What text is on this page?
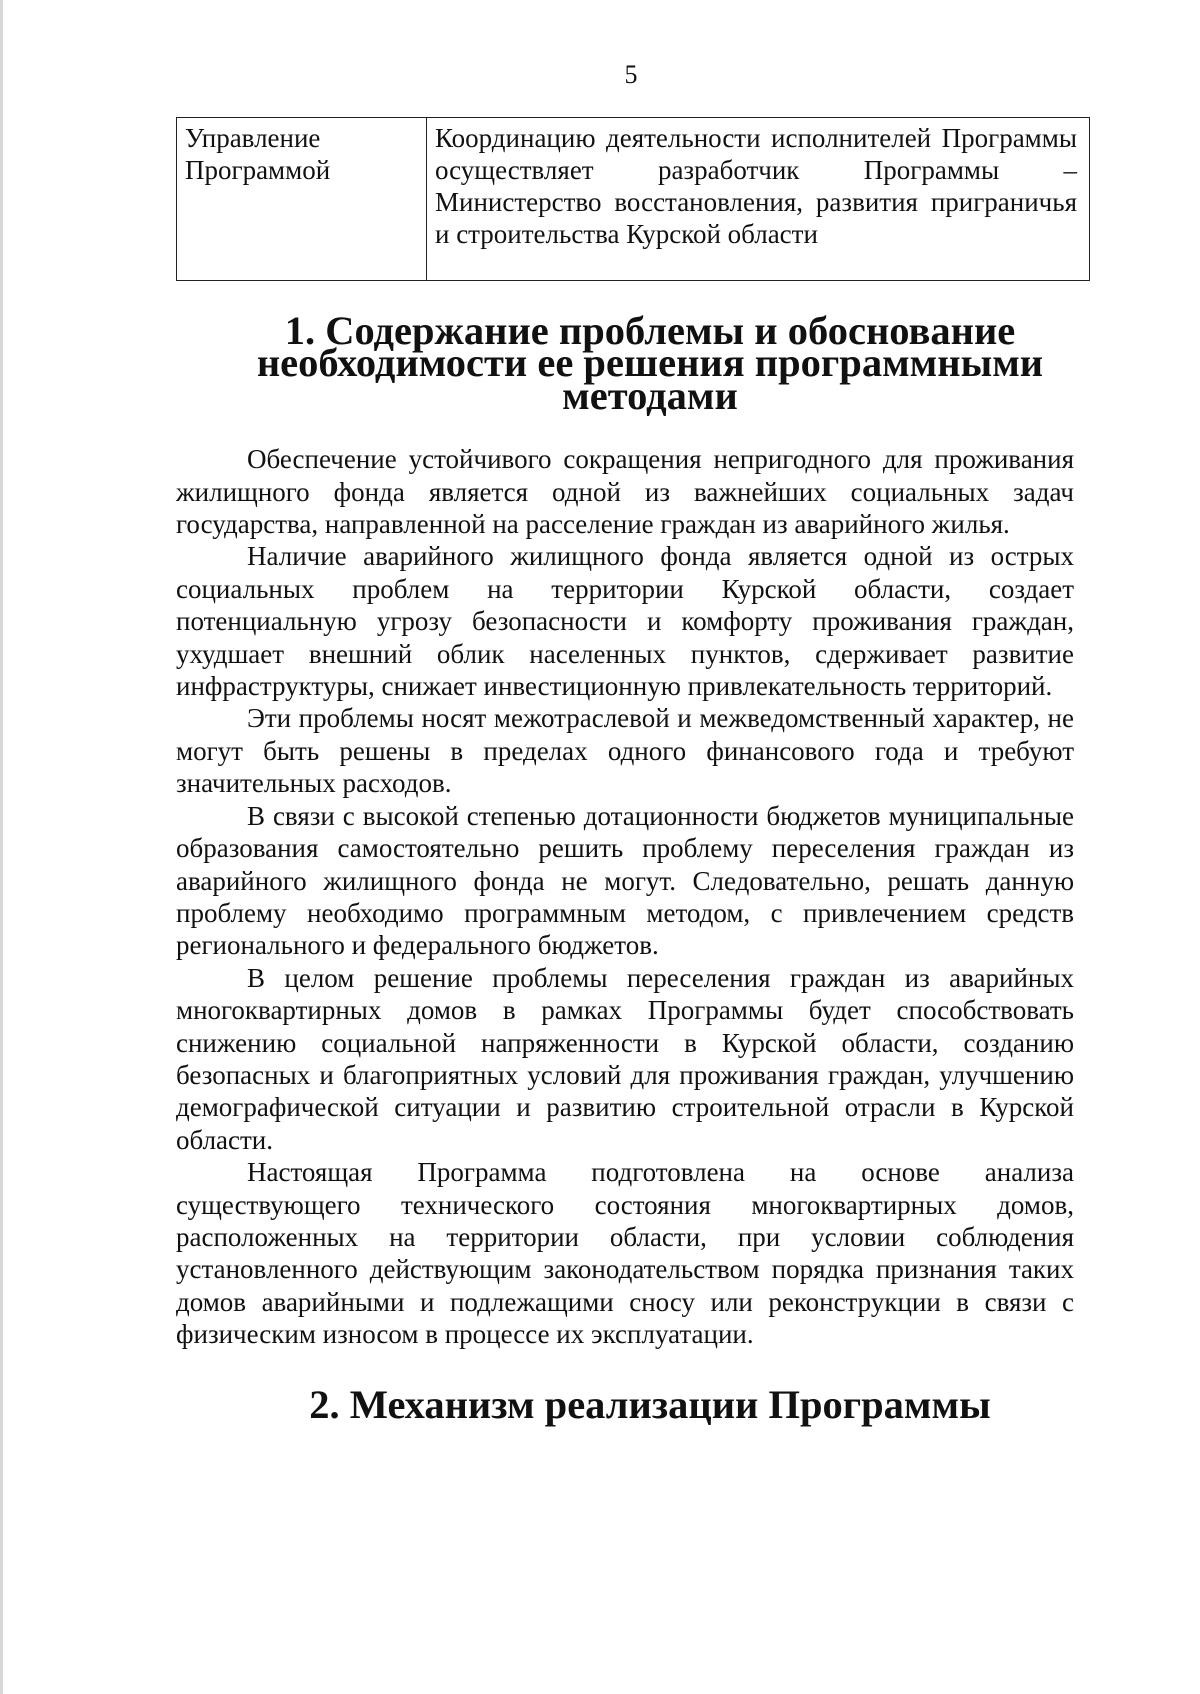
5
Управление Программой	Координацию деятельности исполнителей Программы осуществляет разработчик Программы – Министерство восстановления, развития приграничья и строительства Курской области
1. Содержание проблемы и обоснование необходимости ее решения программными методами

Обеспечение устойчивого сокращения непригодного для проживания жилищного фонда является одной из важнейших социальных задач государства, направленной на расселение граждан из аварийного жилья.

Наличие аварийного жилищного фонда является одной из острых социальных проблем на территории Курской области, создает потенциальную угрозу безопасности и комфорту проживания граждан, ухудшает внешний облик населенных пунктов, сдерживает развитие инфраструктуры, снижает инвестиционную привлекательность территорий.

Эти проблемы носят межотраслевой и межведомственный характер, не могут быть решены в пределах одного финансового года и требуют значительных расходов.

В связи с высокой степенью дотационности бюджетов муниципальные образования самостоятельно решить проблему переселения граждан из аварийного жилищного фонда не могут. Следовательно, решать данную проблему необходимо программным методом, с привлечением средств регионального и федерального бюджетов.

В целом решение проблемы переселения граждан из аварийных многоквартирных домов в рамках Программы будет способствовать снижению социальной напряженности в Курской области, созданию безопасных и благоприятных условий для проживания граждан, улучшению демографической ситуации и развитию строительной отрасли в Курской области.

Настоящая Программа подготовлена на основе анализа существующего технического состояния многоквартирных домов, расположенных на территории области, при условии соблюдения установленного действующим законодательством порядка признания таких домов аварийными и подлежащими сносу или реконструкции в связи с физическим износом в процессе их эксплуатации.

2. Механизм реализации Программы
